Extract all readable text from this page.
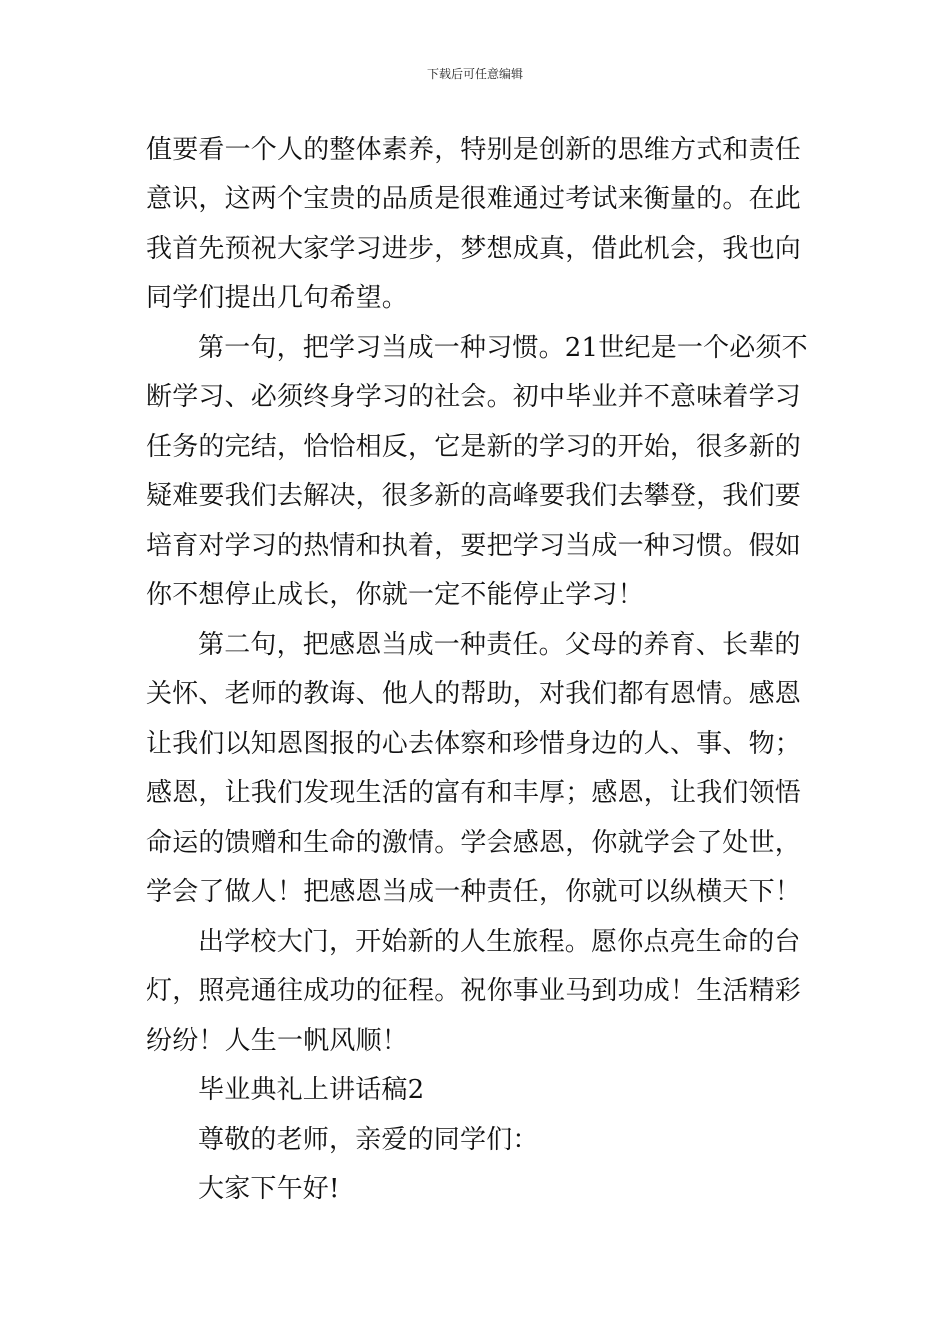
下载后可任意编辑
值要看一个人的整体素养，特别是创新的思维方式和责任
意识，这两个宝贵的品质是很难通过考试来衡量的。在此
我首先预祝大家学习进步，梦想成真，借此机会，我也向
同学们提出几句希望。
第一句，把学习当成一种习惯。21世纪是一个必须不
断学习、必须终身学习的社会。初中毕业并不意味着学习
任务的完结，恰恰相反，它是新的学习的开始，很多新的
疑难要我们去解决，很多新的高峰要我们去攀登，我们要
培育对学习的热情和执着，要把学习当成一种习惯。假如
你不想停止成长，你就一定不能停止学习！
第二句，把感恩当成一种责任。父母的养育、长辈的
关怀、老师的教诲、他人的帮助，对我们都有恩情。感恩
让我们以知恩图报的心去体察和珍惜身边的人、事、物；
感恩，让我们发现生活的富有和丰厚；感恩，让我们领悟
命运的馈赠和生命的激情。学会感恩，你就学会了处世，
学会了做人！把感恩当成一种责任，你就可以纵横天下！
出学校大门，开始新的人生旅程。愿你点亮生命的台
灯，照亮通往成功的征程。祝你事业马到功成！生活精彩
纷纷！人生一帆风顺！
毕业典礼上讲话稿2
尊敬的老师，亲爱的同学们：
大家下午好!
